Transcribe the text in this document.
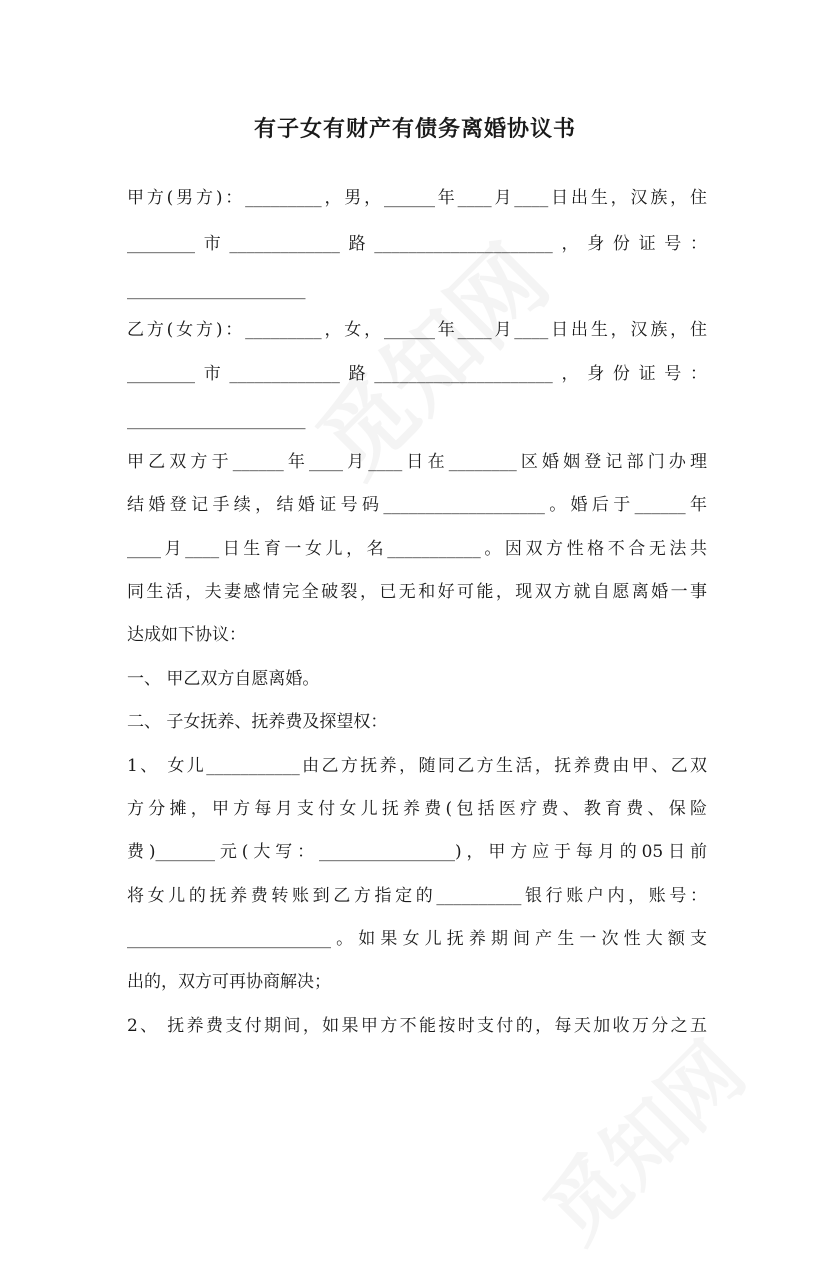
有子女有财产有债务离婚协议书
甲方(男方)：_________，男，______年____月____日出生，汉族，住
________市_____________路_____________________，身份证号：
_____________________
乙方(女方)：_________，女，______年____月____日出生，汉族，住
________市_____________路_____________________，身份证号：
_____________________
甲乙双方于______年____月____日在________区婚姻登记部门办理
结婚登记手续，结婚证号码___________________。婚后于______年
____月____日生育一女儿，名___________。因双方性格不合无法共
同生活，夫妻感情完全破裂，已无和好可能，现双方就自愿离婚一事
达成如下协议：
一、 甲乙双方自愿离婚。
二、 子女抚养、抚养费及探望权：
1、 女儿___________由乙方抚养，随同乙方生活，抚养费由甲、乙双
方分摊，甲方每月支付女儿抚养费(包括医疗费、教育费、保险
费)_______元(大写：________________)，甲方应于每月的05日前
将女儿的抚养费转账到乙方指定的__________银行账户内，账号：
________________________。如果女儿抚养期间产生一次性大额支
出的，双方可再协商解决；
2、 抚养费支付期间，如果甲方不能按时支付的，每天加收万分之五
